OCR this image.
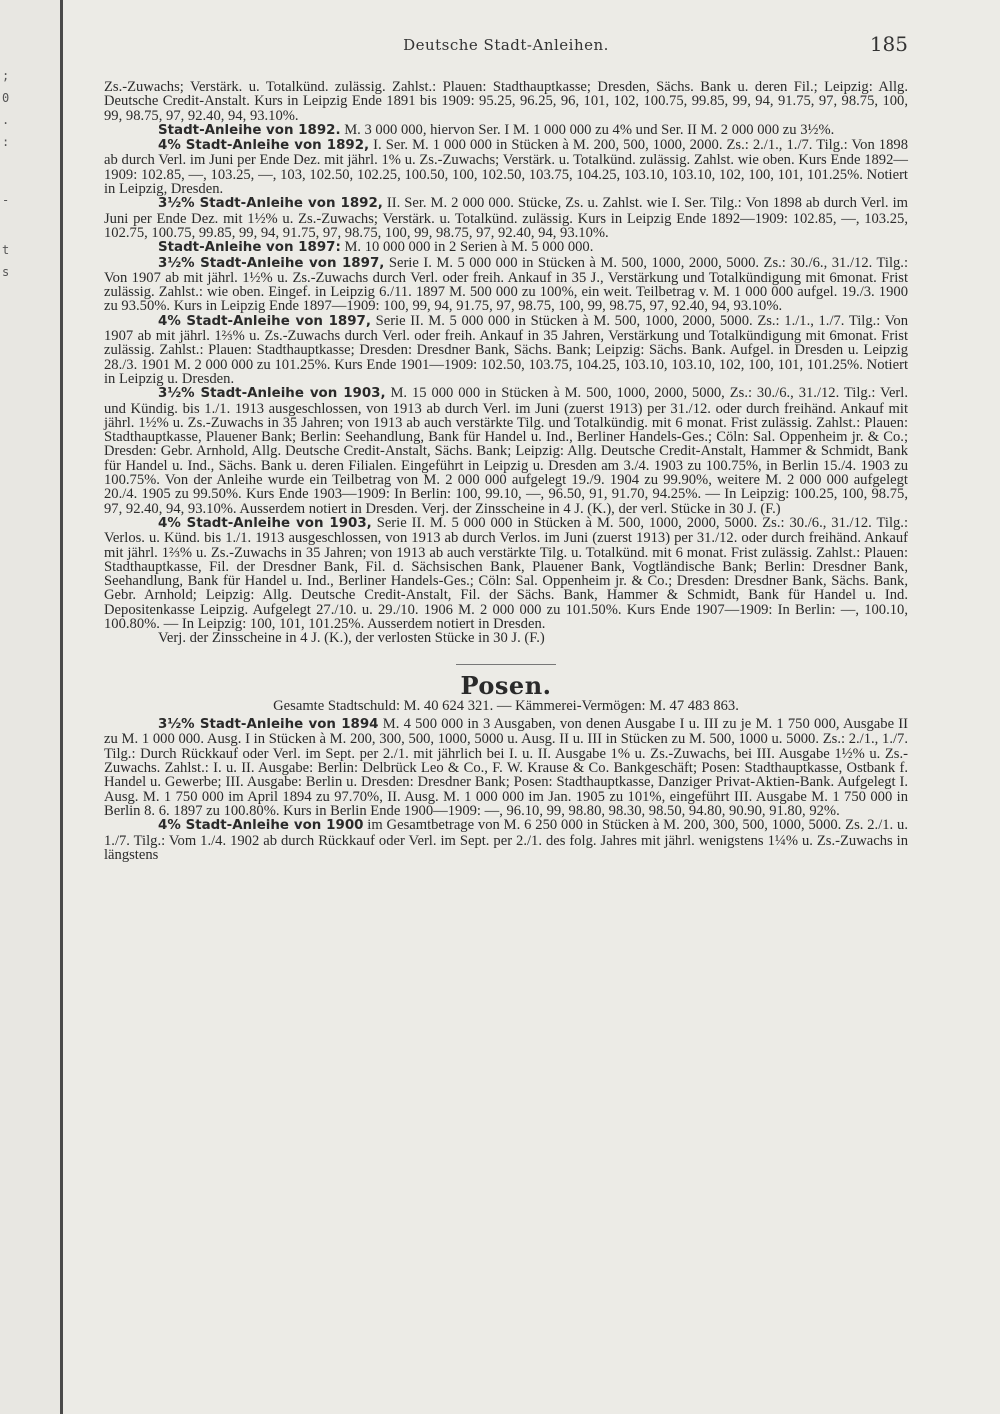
;
0
.
:
-
t
s
Deutsche Stadt-Anleihen.	185

Zs.-Zuwachs; Verstärk. u. Totalkünd. zulässig. Zahlst.: Plauen: Stadthauptkasse; Dresden, Sächs. Bank u. deren Fil.; Leipzig: Allg. Deutsche Credit-Anstalt. Kurs in Leipzig Ende 1891 bis 1909: 95.25, 96.25, 96, 101, 102, 100.75, 99.85, 99, 94, 91.75, 97, 98.75, 100, 99, 98.75, 97, 92.40, 94, 93.10%.

Stadt-Anleihe von 1892. M. 3 000 000, hiervon Ser. I M. 1 000 000 zu 4% und Ser. II M. 2 000 000 zu 3½%.

4% Stadt-Anleihe von 1892, I. Ser. M. 1 000 000 in Stücken à M. 200, 500, 1000, 2000. Zs.: 2./1., 1./7. Tilg.: Von 1898 ab durch Verl. im Juni per Ende Dez. mit jährl. 1% u. Zs.-Zuwachs; Verstärk. u. Totalkünd. zulässig. Zahlst. wie oben. Kurs Ende 1892—1909: 102.85, —, 103.25, —, 103, 102.50, 102.25, 100.50, 100, 102.50, 103.75, 104.25, 103.10, 103.10, 102, 100, 101, 101.25%. Notiert in Leipzig, Dresden.

3½% Stadt-Anleihe von 1892, II. Ser. M. 2 000 000. Stücke, Zs. u. Zahlst. wie I. Ser. Tilg.: Von 1898 ab durch Verl. im Juni per Ende Dez. mit 1½% u. Zs.-Zuwachs; Verstärk. u. Totalkünd. zulässig. Kurs in Leipzig Ende 1892—1909: 102.85, —, 103.25, 102.75, 100.75, 99.85, 99, 94, 91.75, 97, 98.75, 100, 99, 98.75, 97, 92.40, 94, 93.10%.

Stadt-Anleihe von 1897: M. 10 000 000 in 2 Serien à M. 5 000 000.

3½% Stadt-Anleihe von 1897, Serie I. M. 5 000 000 in Stücken à M. 500, 1000, 2000, 5000. Zs.: 30./6., 31./12. Tilg.: Von 1907 ab mit jährl. 1½% u. Zs.-Zuwachs durch Verl. oder freih. Ankauf in 35 J., Verstärkung und Totalkündigung mit 6monat. Frist zulässig. Zahlst.: wie oben. Eingef. in Leipzig 6./11. 1897 M. 500 000 zu 100%, ein weit. Teilbetrag v. M. 1 000 000 aufgel. 19./3. 1900 zu 93.50%. Kurs in Leipzig Ende 1897—1909: 100, 99, 94, 91.75, 97, 98.75, 100, 99, 98.75, 97, 92.40, 94, 93.10%.

4% Stadt-Anleihe von 1897, Serie II. M. 5 000 000 in Stücken à M. 500, 1000, 2000, 5000. Zs.: 1./1., 1./7. Tilg.: Von 1907 ab mit jährl. 1⅔% u. Zs.-Zuwachs durch Verl. oder freih. Ankauf in 35 Jahren, Verstärkung und Totalkündigung mit 6monat. Frist zulässig. Zahlst.: Plauen: Stadthauptkasse; Dresden: Dresdner Bank, Sächs. Bank; Leipzig: Sächs. Bank. Aufgel. in Dresden u. Leipzig 28./3. 1901 M. 2 000 000 zu 101.25%. Kurs Ende 1901—1909: 102.50, 103.75, 104.25, 103.10, 103.10, 102, 100, 101, 101.25%. Notiert in Leipzig u. Dresden.

3½% Stadt-Anleihe von 1903, M. 15 000 000 in Stücken à M. 500, 1000, 2000, 5000, Zs.: 30./6., 31./12. Tilg.: Verl. und Kündig. bis 1./1. 1913 ausgeschlossen, von 1913 ab durch Verl. im Juni (zuerst 1913) per 31./12. oder durch freihänd. Ankauf mit jährl. 1½% u. Zs.-Zuwachs in 35 Jahren; von 1913 ab auch verstärkte Tilg. und Totalkündig. mit 6 monat. Frist zulässig. Zahlst.: Plauen: Stadthauptkasse, Plauener Bank; Berlin: Seehandlung, Bank für Handel u. Ind., Berliner Handels-Ges.; Cöln: Sal. Oppenheim jr. & Co.; Dresden: Gebr. Arnhold, Allg. Deutsche Credit-Anstalt, Sächs. Bank; Leipzig: Allg. Deutsche Credit-Anstalt, Hammer & Schmidt, Bank für Handel u. Ind., Sächs. Bank u. deren Filialen. Eingeführt in Leipzig u. Dresden am 3./4. 1903 zu 100.75%, in Berlin 15./4. 1903 zu 100.75%. Von der Anleihe wurde ein Teilbetrag von M. 2 000 000 aufgelegt 19./9. 1904 zu 99.90%, weitere M. 2 000 000 aufgelegt 20./4. 1905 zu 99.50%. Kurs Ende 1903—1909: In Berlin: 100, 99.10, —, 96.50, 91, 91.70, 94.25%. — In Leipzig: 100.25, 100, 98.75, 97, 92.40, 94, 93.10%. Ausserdem notiert in Dresden. Verj. der Zinsscheine in 4 J. (K.), der verl. Stücke in 30 J. (F.)

4% Stadt-Anleihe von 1903, Serie II. M. 5 000 000 in Stücken à M. 500, 1000, 2000, 5000. Zs.: 30./6., 31./12. Tilg.: Verlos. u. Künd. bis 1./1. 1913 ausgeschlossen, von 1913 ab durch Verlos. im Juni (zuerst 1913) per 31./12. oder durch freihänd. Ankauf mit jährl. 1⅔% u. Zs.-Zuwachs in 35 Jahren; von 1913 ab auch verstärkte Tilg. u. Totalkünd. mit 6 monat. Frist zulässig. Zahlst.: Plauen: Stadthauptkasse, Fil. der Dresdner Bank, Fil. d. Sächsischen Bank, Plauener Bank, Vogtländische Bank; Berlin: Dresdner Bank, Seehandlung, Bank für Handel u. Ind., Berliner Handels-Ges.; Cöln: Sal. Oppenheim jr. & Co.; Dresden: Dresdner Bank, Sächs. Bank, Gebr. Arnhold; Leipzig: Allg. Deutsche Credit-Anstalt, Fil. der Sächs. Bank, Hammer & Schmidt, Bank für Handel u. Ind. Depositenkasse Leipzig. Aufgelegt 27./10. u. 29./10. 1906 M. 2 000 000 zu 101.50%. Kurs Ende 1907—1909: In Berlin: —, 100.10, 100.80%. — In Leipzig: 100, 101, 101.25%. Ausserdem notiert in Dresden.

Verj. der Zinsscheine in 4 J. (K.), der verlosten Stücke in 30 J. (F.)

Posen.
Gesamte Stadtschuld: M. 40 624 321. — Kämmerei-Vermögen: M. 47 483 863.

3½% Stadt-Anleihe von 1894 M. 4 500 000 in 3 Ausgaben, von denen Ausgabe I u. III zu je M. 1 750 000, Ausgabe II zu M. 1 000 000. Ausg. I in Stücken à M. 200, 300, 500, 1000, 5000 u. Ausg. II u. III in Stücken zu M. 500, 1000 u. 5000. Zs.: 2./1., 1./7. Tilg.: Durch Rückkauf oder Verl. im Sept. per 2./1. mit jährlich bei I. u. II. Ausgabe 1% u. Zs.-Zuwachs, bei III. Ausgabe 1½% u. Zs.-Zuwachs. Zahlst.: I. u. II. Ausgabe: Berlin: Delbrück Leo & Co., F. W. Krause & Co. Bankgeschäft; Posen: Stadthauptkasse, Ostbank f. Handel u. Gewerbe; III. Ausgabe: Berlin u. Dresden: Dresdner Bank; Posen: Stadthauptkasse, Danziger Privat-Aktien-Bank. Aufgelegt I. Ausg. M. 1 750 000 im April 1894 zu 97.70%, II. Ausg. M. 1 000 000 im Jan. 1905 zu 101%, eingeführt III. Ausgabe M. 1 750 000 in Berlin 8. 6. 1897 zu 100.80%. Kurs in Berlin Ende 1900—1909: —, 96.10, 99, 98.80, 98.30, 98.50, 94.80, 90.90, 91.80, 92%.

4% Stadt-Anleihe von 1900 im Gesamtbetrage von M. 6 250 000 in Stücken à M. 200, 300, 500, 1000, 5000. Zs. 2./1. u. 1./7. Tilg.: Vom 1./4. 1902 ab durch Rückkauf oder Verl. im Sept. per 2./1. des folg. Jahres mit jährl. wenigstens 1¼% u. Zs.-Zuwachs in längstens
